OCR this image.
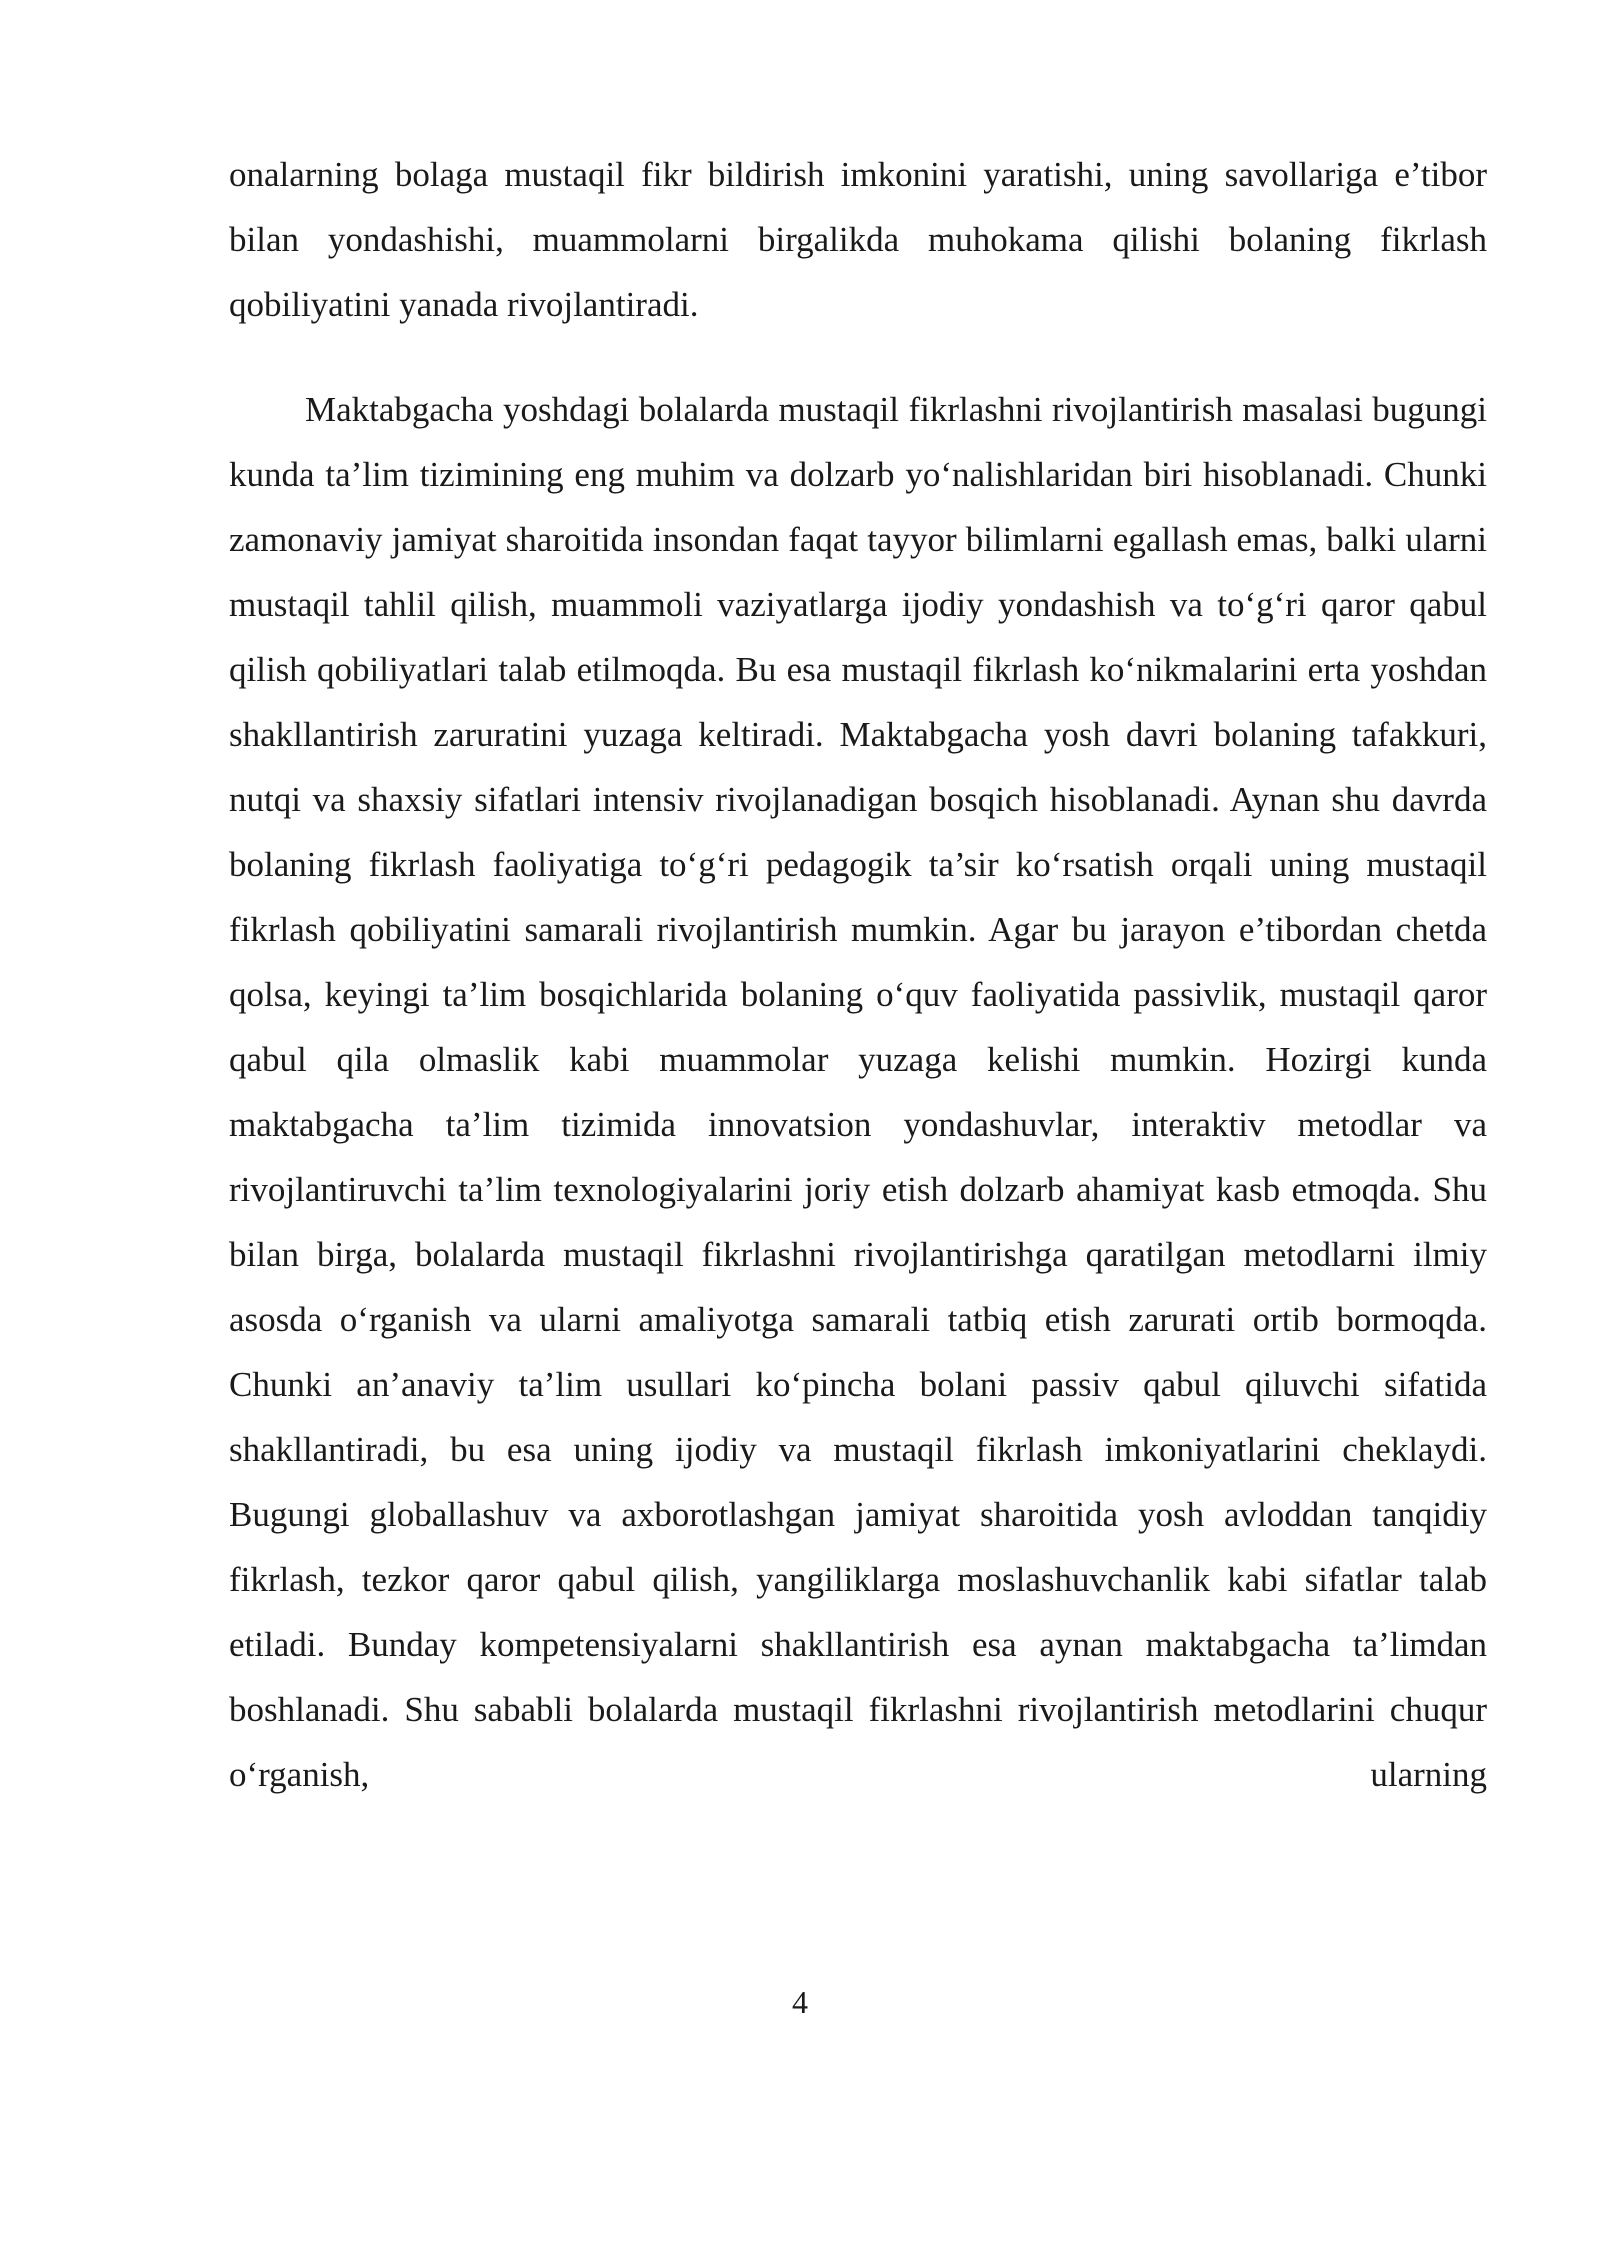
onalarning bolaga mustaqil fikr bildirish imkonini yaratishi, uning savollariga e’tibor bilan yondashishi, muammolarni birgalikda muhokama qilishi bolaning fikrlash qobiliyatini yanada rivojlantiradi.

Maktabgacha yoshdagi bolalarda mustaqil fikrlashni rivojlantirish masalasi bugungi kunda ta’lim tizimining eng muhim va dolzarb yo‘nalishlaridan biri hisoblanadi. Chunki zamonaviy jamiyat sharoitida insondan faqat tayyor bilimlarni egallash emas, balki ularni mustaqil tahlil qilish, muammoli vaziyatlarga ijodiy yondashish va to‘g‘ri qaror qabul qilish qobiliyatlari talab etilmoqda. Bu esa mustaqil fikrlash ko‘nikmalarini erta yoshdan shakllantirish zaruratini yuzaga keltiradi. Maktabgacha yosh davri bolaning tafakkuri, nutqi va shaxsiy sifatlari intensiv rivojlanadigan bosqich hisoblanadi. Aynan shu davrda bolaning fikrlash faoliyatiga to‘g‘ri pedagogik ta’sir ko‘rsatish orqali uning mustaqil fikrlash qobiliyatini samarali rivojlantirish mumkin. Agar bu jarayon e’tibordan chetda qolsa, keyingi ta’lim bosqichlarida bolaning o‘quv faoliyatida passivlik, mustaqil qaror qabul qila olmaslik kabi muammolar yuzaga kelishi mumkin. Hozirgi kunda maktabgacha ta’lim tizimida innovatsion yondashuvlar, interaktiv metodlar va rivojlantiruvchi ta’lim texnologiyalarini joriy etish dolzarb ahamiyat kasb etmoqda. Shu bilan birga, bolalarda mustaqil fikrlashni rivojlantirishga qaratilgan metodlarni ilmiy asosda o‘rganish va ularni amaliyotga samarali tatbiq etish zarurati ortib bormoqda. Chunki an’anaviy ta’lim usullari ko‘pincha bolani passiv qabul qiluvchi sifatida shakllantiradi, bu esa uning ijodiy va mustaqil fikrlash imkoniyatlarini cheklaydi. Bugungi globallashuv va axborotlashgan jamiyat sharoitida yosh avloddan tanqidiy fikrlash, tezkor qaror qabul qilish, yangiliklarga moslashuvchanlik kabi sifatlar talab etiladi. Bunday kompetensiyalarni shakllantirish esa aynan maktabgacha ta’limdan boshlanadi. Shu sababli bolalarda mustaqil fikrlashni rivojlantirish metodlarini chuqur o‘rganish, ularning

4
